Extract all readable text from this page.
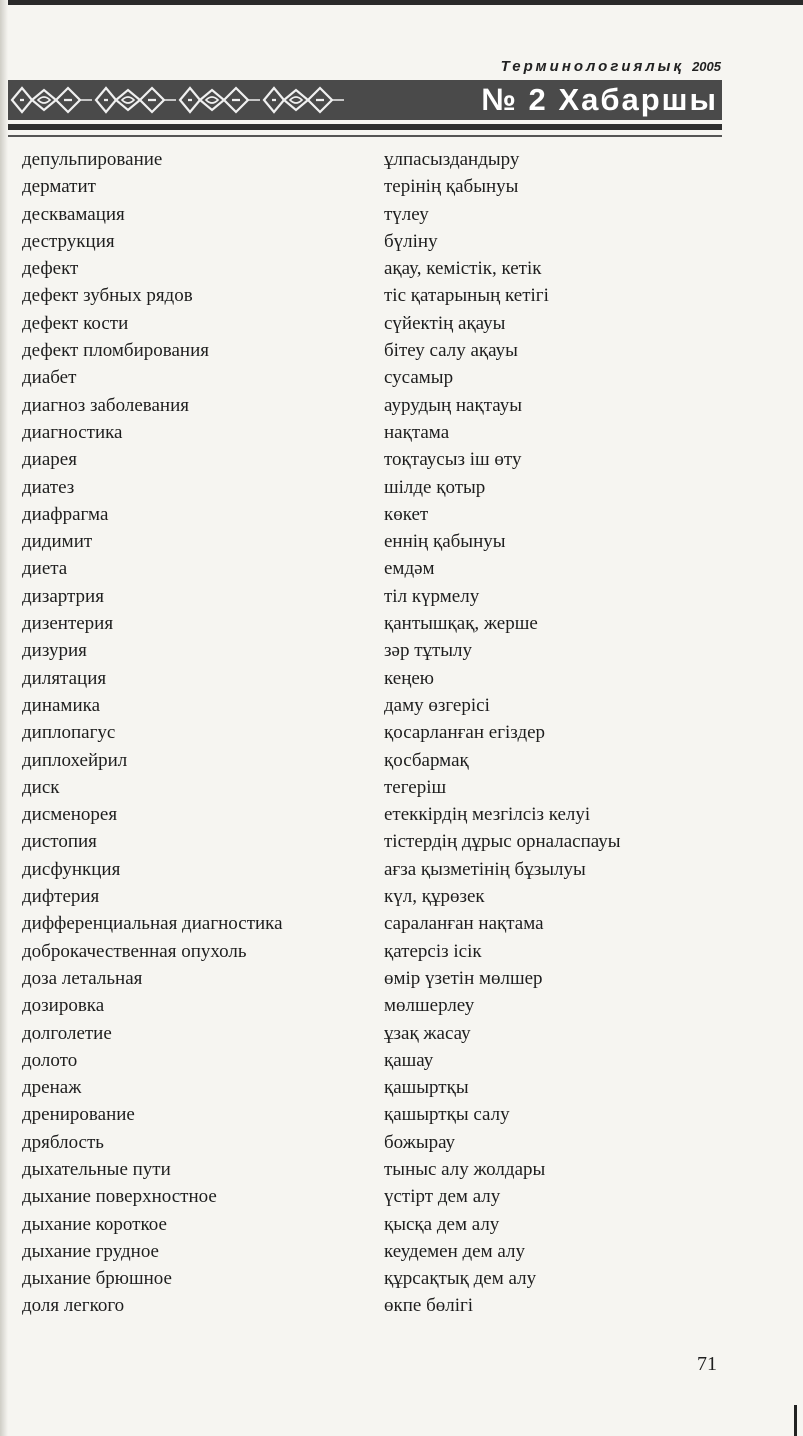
Терминологиялық 2005
№ 2 Хабаршы
депульпирование	ұлпасыздандыру
дерматит	терінің қабынуы
десквамация	түлеу
деструкция	бүліну
дефект	ақау, кемістік, кетік
дефект зубных рядов	тіс қатарының кетігі
дефект кости	сүйектің ақауы
дефект пломбирования	бітеу салу ақауы
диабет	сусамыр
диагноз заболевания	аурудың нақтауы
диагностика	нақтама
диарея	тоқтаусыз іш өту
диатез	шілде қотыр
диафрагма	көкет
дидимит	еннің қабынуы
диета	емдәм
дизартрия	тіл күрмелу
дизентерия	қантышқақ, жерше
дизурия	зәр тұтылу
дилятация	кеңею
динамика	даму өзгерісі
диплопагус	қосарланған егіздер
диплохейрил	қосбармақ
диск	тегеріш
дисменорея	етеккірдің мезгілсіз келуі
дистопия	тістердің дұрыс орналаспауы
дисфункция	ағза қызметінің бұзылуы
дифтерия	күл, құрөзек
дифференциальная диагностика	сараланған нақтама
доброкачественная опухоль	қатерсіз ісік
доза летальная	өмір үзетін мөлшер
дозировка	мөлшерлеу
долголетие	ұзақ жасау
долото	қашау
дренаж	қашыртқы
дренирование	қашыртқы салу
дряблость	божырау
дыхательные пути	тыныс алу жолдары
дыхание поверхностное	үстірт дем алу
дыхание короткое	қысқа дем алу
дыхание грудное	кеудемен дем алу
дыхание брюшное	құрсақтық дем алу
доля легкого	өкпе бөлігі
71
